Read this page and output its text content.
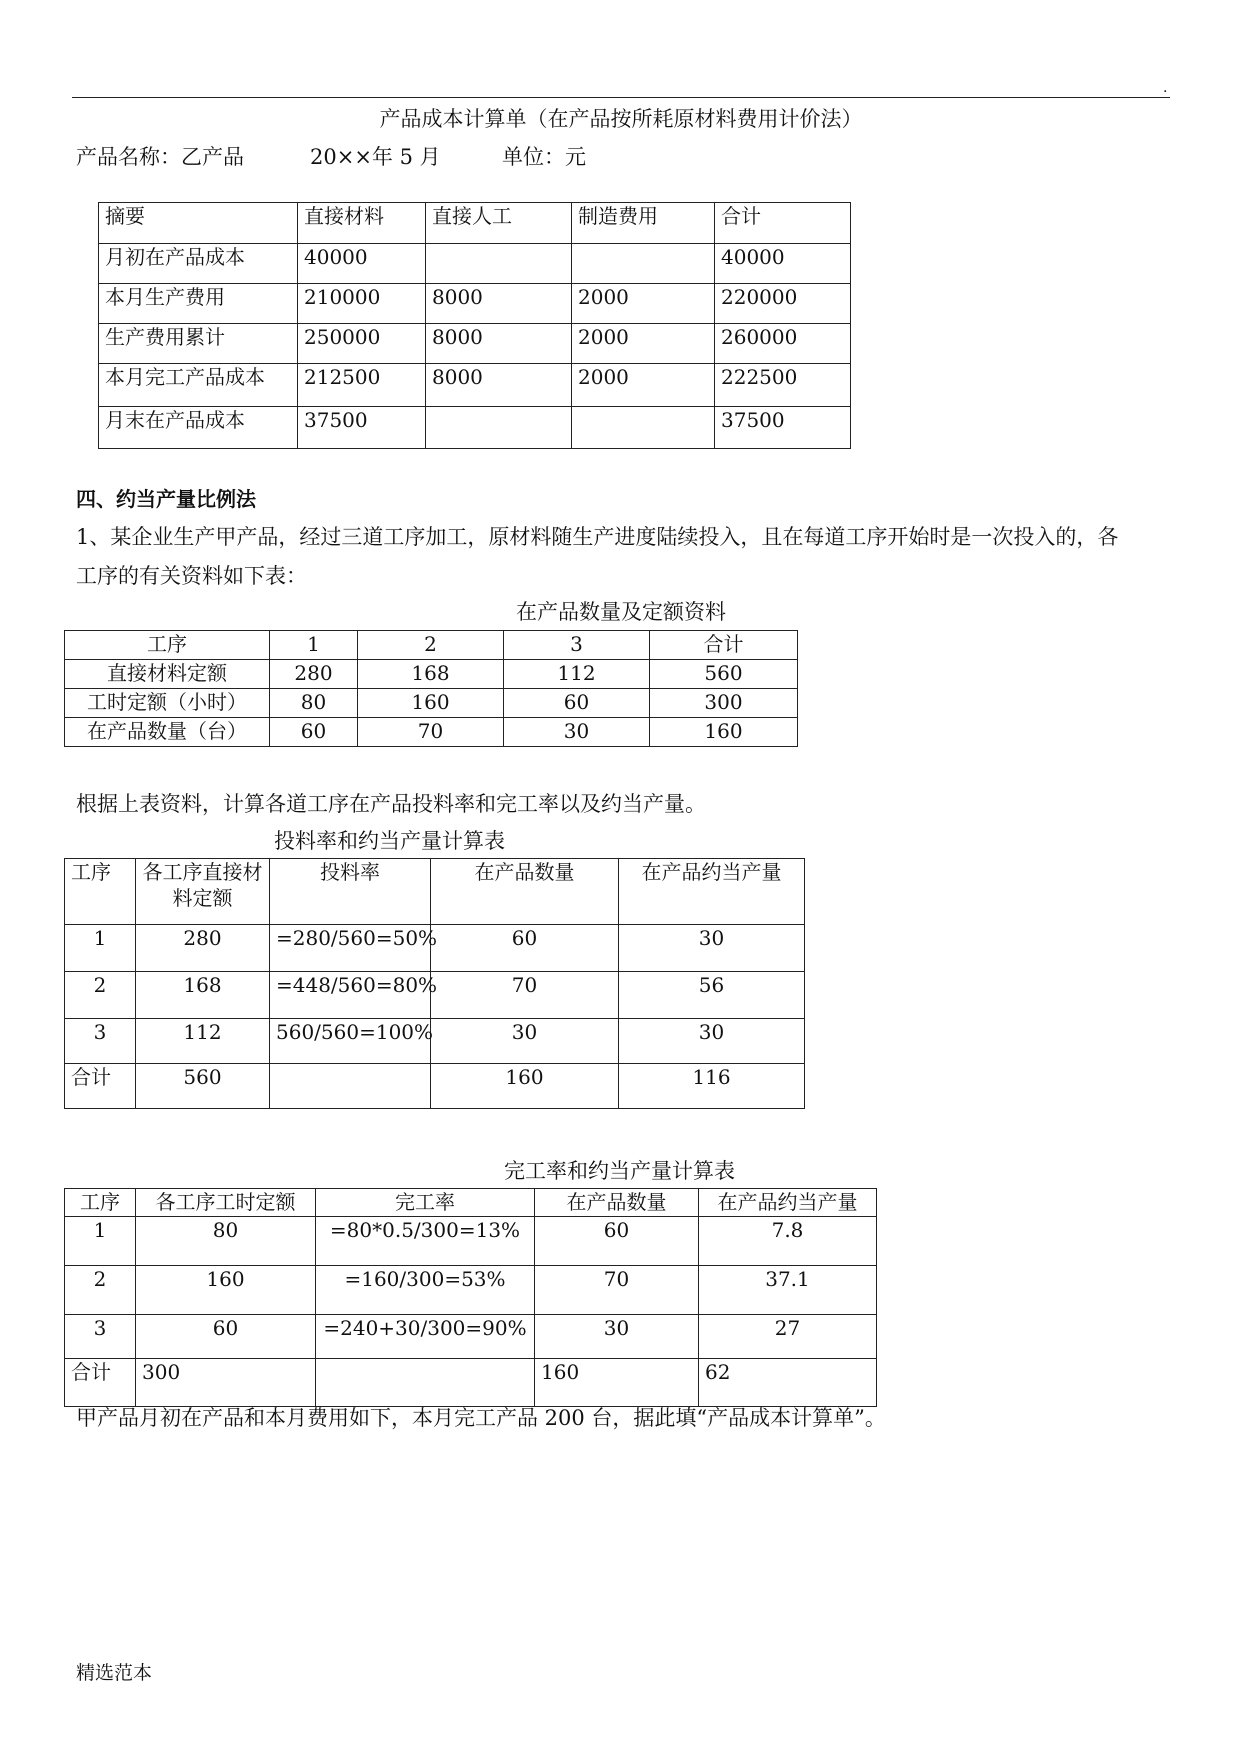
.
产品成本计算单（在产品按所耗原材料费用计价法）
产品名称：乙产品	20××年 5 月	单位：元
摘要	直接材料	直接人工	制造费用	合计
月初在产品成本	40000			40000
本月生产费用	210000	8000	2000	220000
生产费用累计	250000	8000	2000	260000
本月完工产品成本	212500	8000	2000	222500
月末在产品成本	37500			37500
四、约当产量比例法
1、某企业生产甲产品，经过三道工序加工，原材料随生产进度陆续投入，且在每道工序开始时是一次投入的，各
工序的有关资料如下表：
在产品数量及定额资料
工序	1	2	3	合计
直接材料定额	280	168	112	560
工时定额（小时）	80	160	60	300
在产品数量（台）	60	70	30	160
根据上表资料，计算各道工序在产品投料率和完工率以及约当产量。
投料率和约当产量计算表
工序	各工序直接材料定额	投料率	在产品数量	在产品约当产量
1	280	=280/560=50%	60	30
2	168	=448/560=80%	70	56
3	112	560/560=100%	30	30
合计	560		160	116
完工率和约当产量计算表
工序	各工序工时定额	完工率	在产品数量	在产品约当产量
1	80	=80*0.5/300=13%	60	7.8
2	160	=160/300=53%	70	37.1
3	60	=240+30/300=90%	30	27
合计	300		160	62
甲产品月初在产品和本月费用如下，本月完工产品 200 台，据此填“产品成本计算单”。
精选范本
